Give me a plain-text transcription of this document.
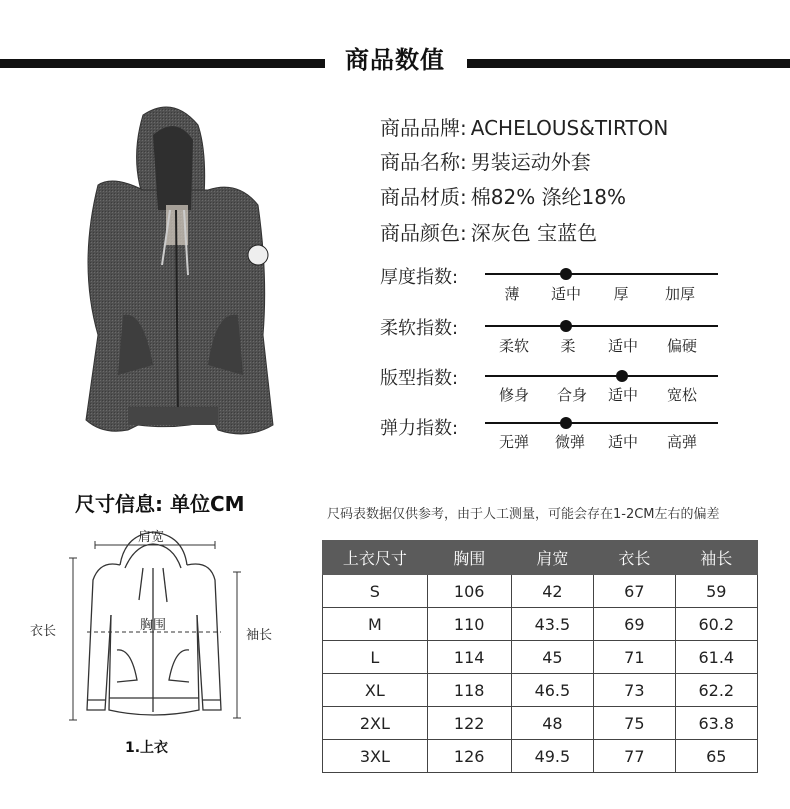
商品数值
商品品牌: ACHELOUS&TIRTON
商品名称: 男装运动外套
商品材质: 棉82% 涤纶18%
商品颜色: 深灰色 宝蓝色
厚度指数:
薄	适中	厚	加厚
柔软指数:
柔软	柔	适中	偏硬
版型指数:
修身	合身	适中	宽松
弹力指数:
无弹	微弹	适中	高弹
尺寸信息: 单位CM	尺码表数据仅供参考，由于人工测量，可能会存在1-2CM左右的偏差
肩宽
衣长	胸围
袖长
1.上衣
上衣尺寸	胸围	肩宽	衣长	袖长
S	106	42	67	59
M	110	43.5	69	60.2
L	114	45	71	61.4
XL	118	46.5	73	62.2
2XL	122	48	75	63.8
3XL	126	49.5	77	65
